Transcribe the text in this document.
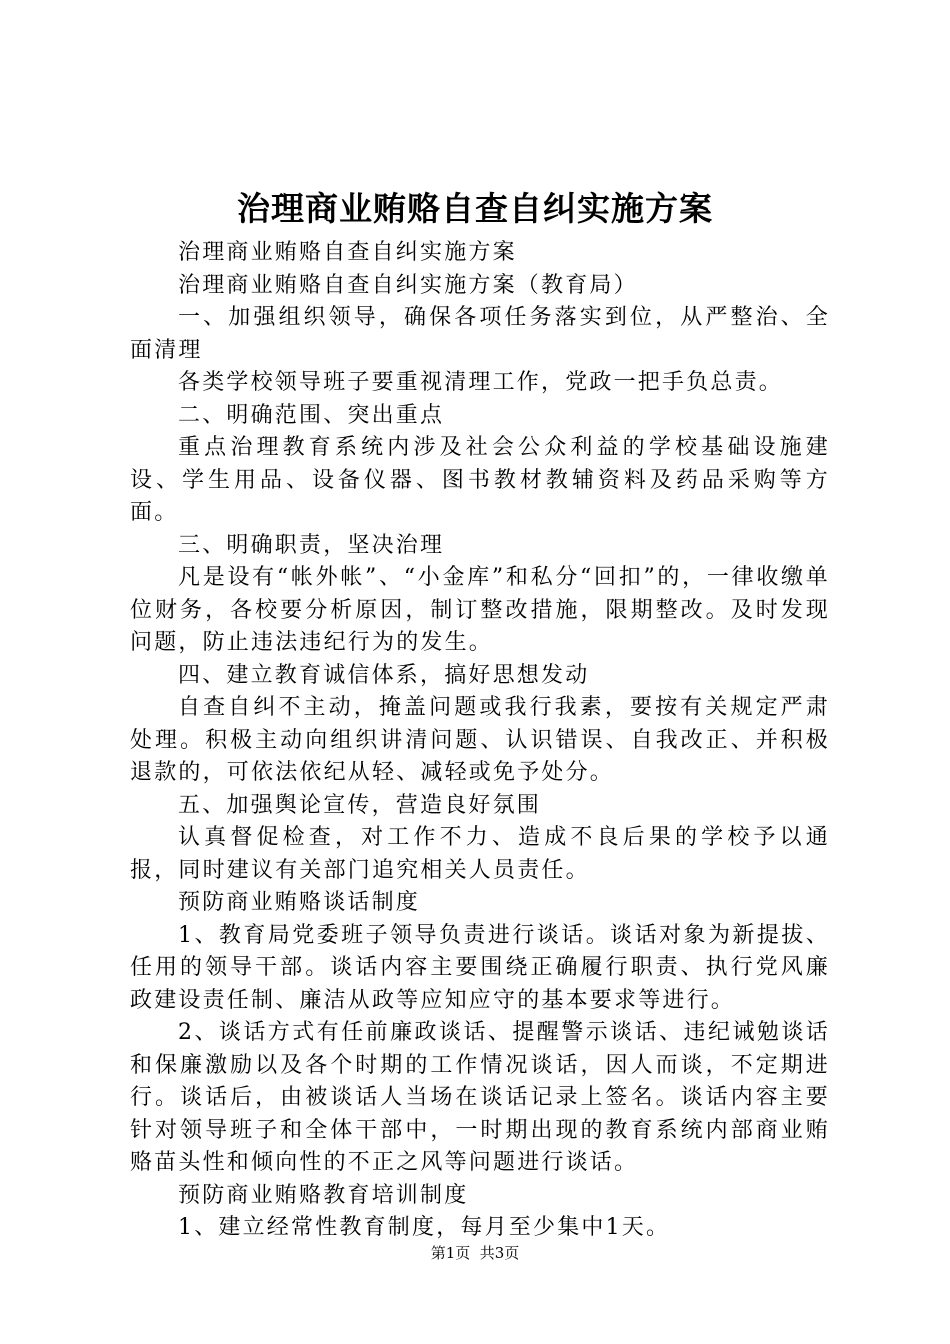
治理商业贿赂自查自纠实施方案

治理商业贿赂自查自纠实施方案

治理商业贿赂自查自纠实施方案（教育局）

一、加强组织领导，确保各项任务落实到位，从严整治、全面清理

各类学校领导班子要重视清理工作，党政一把手负总责。

二、明确范围、突出重点

重点治理教育系统内涉及社会公众利益的学校基础设施建设、学生用品、设备仪器、图书教材教辅资料及药品采购等方面。

三、明确职责，坚决治理

凡是设有“帐外帐”、“小金库”和私分“回扣”的，一律收缴单位财务，各校要分析原因，制订整改措施，限期整改。及时发现问题，防止违法违纪行为的发生。

四、建立教育诚信体系，搞好思想发动

自查自纠不主动，掩盖问题或我行我素，要按有关规定严肃处理。积极主动向组织讲清问题、认识错误、自我改正、并积极退款的，可依法依纪从轻、减轻或免予处分。

五、加强舆论宣传，营造良好氛围

认真督促检查，对工作不力、造成不良后果的学校予以通报，同时建议有关部门追究相关人员责任。

预防商业贿赂谈话制度

1、教育局党委班子领导负责进行谈话。谈话对象为新提拔、任用的领导干部。谈话内容主要围绕正确履行职责、执行党风廉政建设责任制、廉洁从政等应知应守的基本要求等进行。

2、谈话方式有任前廉政谈话、提醒警示谈话、违纪诫勉谈话和保廉激励以及各个时期的工作情况谈话，因人而谈，不定期进行。谈话后，由被谈话人当场在谈话记录上签名。谈话内容主要针对领导班子和全体干部中，一时期出现的教育系统内部商业贿赂苗头性和倾向性的不正之风等问题进行谈话。

预防商业贿赂教育培训制度

1、建立经常性教育制度，每月至少集中1天。

第1页  共3页
